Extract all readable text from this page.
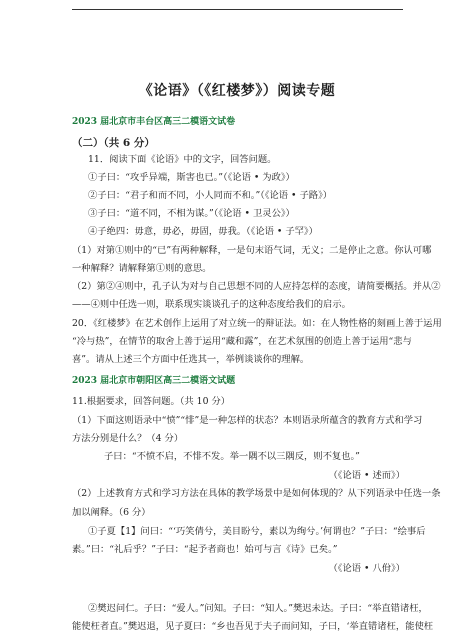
《论语》（《红楼梦》）阅读专题
2023 届北京市丰台区高三二模语文试卷
（二）（共 6 分）
11．阅读下面《论语》中的文字，回答问题。
①子曰：“攻乎异端，斯害也已。”（《论语 • 为政》）
②子曰：“君子和而不同，小人同而不和。”（《论语 • 子路》）
③子曰：“道不同，不相为谋。”（《论语 • 卫灵公》）
④子绝四：毋意，毋必，毋固，毋我。（《论语 • 子罕》）
（1）对第①则中的“已”有两种解释，一是句末语气词，无义；二是停止之意。你认可哪
一种解释？请解释第①则的意思。
（2）第②④则中，孔子认为对与自己思想不同的人应持怎样的态度，请简要概括。并从②
——④则中任选一则，联系现实谈谈孔子的这种态度给我们的启示。
20．《红楼梦》在艺术创作上运用了对立统一的辩证法。如：在人物性格的刻画上善于运用
“冷与热”，在情节的取舍上善于运用“藏和露”，在艺术氛围的创造上善于运用“悲与
喜”。请从上述三个方面中任选其一，举例谈谈你的理解。
2023 届北京市朝阳区高三二模语文试题
11.根据要求，回答问题。（共 10 分）
（1）下面这则语录中“愤”“悱”是一种怎样的状态？本则语录所蕴含的教育方式和学习
方法分别是什么？（4 分）
子曰：“不愤不启，不悱不发。举一隅不以三隅反，则不复也。”
（《论语 • 述而》）
（2）上述教育方式和学习方法在具体的教学场景中是如何体现的？从下列语录中任选一条
加以阐释。（6 分）
①子夏【1】问曰：“‘巧笑倩兮，美目盼兮，素以为绚兮。’何谓也？”子曰：“绘事后
素。”曰：“礼后乎？”子曰：“起予者商也！始可与言《诗》已矣。”
（《论语 • 八佾》）
②樊迟问仁。子曰：“爱人。”问知。子曰：“知人。”樊迟未达。子曰：“举直错诸枉，
能使枉者直。”樊迟退，见子夏曰：“乡也吾见于夫子而问知，子曰，‘举直错诸枉，能使枉
